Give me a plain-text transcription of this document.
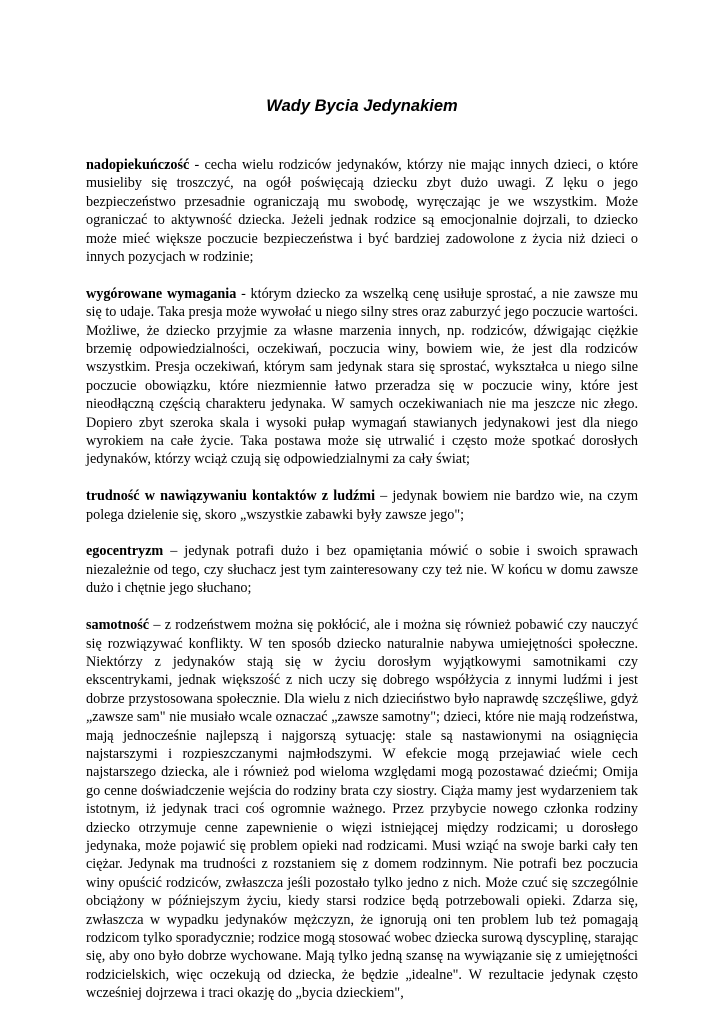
Wady Bycia Jedynakiem

nadopiekuńczość - cecha wielu rodziców jedynaków, którzy nie mając innych dzieci, o które musieliby się troszczyć, na ogół poświęcają dziecku zbyt dużo uwagi. Z lęku o jego bezpieczeństwo przesadnie ograniczają mu swobodę, wyręczając je we wszystkim. Może ograniczać to aktywność dziecka. Jeżeli jednak rodzice są emocjonalnie dojrzali, to dziecko może mieć większe poczucie bezpieczeństwa i być bardziej zadowolone z życia niż dzieci o innych pozycjach w rodzinie;

wygórowane wymagania - którym dziecko za wszelką cenę usiłuje sprostać, a nie zawsze mu się to udaje. Taka presja może wywołać u niego silny stres oraz zaburzyć jego poczucie wartości. Możliwe, że dziecko przyjmie za własne marzenia innych, np. rodziców, dźwigając ciężkie brzemię odpowiedzialności, oczekiwań, poczucia winy, bowiem wie, że jest dla rodziców wszystkim. Presja oczekiwań, którym sam jedynak stara się sprostać, wykształca u niego silne poczucie obowiązku, które niezmiennie łatwo przeradza się w poczucie winy, które jest nieodłączną częścią charakteru jedynaka. W samych oczekiwaniach nie ma jeszcze nic złego. Dopiero zbyt szeroka skala i wysoki pułap wymagań stawianych jedynakowi jest dla niego wyrokiem na całe życie. Taka postawa może się utrwalić i często może spotkać dorosłych jedynaków, którzy wciąż czują się odpowiedzialnymi za cały świat;

trudność w nawiązywaniu kontaktów z ludźmi – jedynak bowiem nie bardzo wie, na czym polega dzielenie się, skoro „wszystkie zabawki były zawsze jego";

egocentryzm – jedynak potrafi dużo i bez opamiętania mówić o sobie i swoich sprawach niezależnie od tego, czy słuchacz jest tym zainteresowany czy też nie. W końcu w domu zawsze dużo i chętnie jego słuchano;

samotność – z rodzeństwem można się pokłócić, ale i można się również pobawić czy nauczyć się rozwiązywać konflikty. W ten sposób dziecko naturalnie nabywa umiejętności społeczne. Niektórzy z jedynaków stają się w życiu dorosłym wyjątkowymi samotnikami czy ekscentrykami, jednak większość z nich uczy się dobrego współżycia z innymi ludźmi i jest dobrze przystosowana społecznie. Dla wielu z nich dzieciństwo było naprawdę szczęśliwe, gdyż „zawsze sam" nie musiało wcale oznaczać „zawsze samotny"; dzieci, które nie mają rodzeństwa, mają jednocześnie najlepszą i najgorszą sytuację: stale są nastawionymi na osiągnięcia najstarszymi i rozpieszczanymi najmłodszymi. W efekcie mogą przejawiać wiele cech najstarszego dziecka, ale i również pod wieloma względami mogą pozostawać dziećmi; Omija go cenne doświadczenie wejścia do rodziny brata czy siostry. Ciąża mamy jest wydarzeniem tak istotnym, iż jedynak traci coś ogromnie ważnego. Przez przybycie nowego członka rodziny dziecko otrzymuje cenne zapewnienie o więzi istniejącej między rodzicami; u dorosłego jedynaka, może pojawić się problem opieki nad rodzicami. Musi wziąć na swoje barki cały ten ciężar. Jedynak ma trudności z rozstaniem się z domem rodzinnym. Nie potrafi bez poczucia winy opuścić rodziców, zwłaszcza jeśli pozostało tylko jedno z nich. Może czuć się szczególnie obciążony w późniejszym życiu, kiedy starsi rodzice będą potrzebowali opieki. Zdarza się, zwłaszcza w wypadku jedynaków mężczyzn, że ignorują oni ten problem lub też pomagają rodzicom tylko sporadycznie; rodzice mogą stosować wobec dziecka surową dyscyplinę, starając się, aby ono było dobrze wychowane. Mają tylko jedną szansę na wywiązanie się z umiejętności rodzicielskich, więc oczekują od dziecka, że będzie „idealne". W rezultacie jedynak często wcześniej dojrzewa i traci okazję do „bycia dzieckiem",
